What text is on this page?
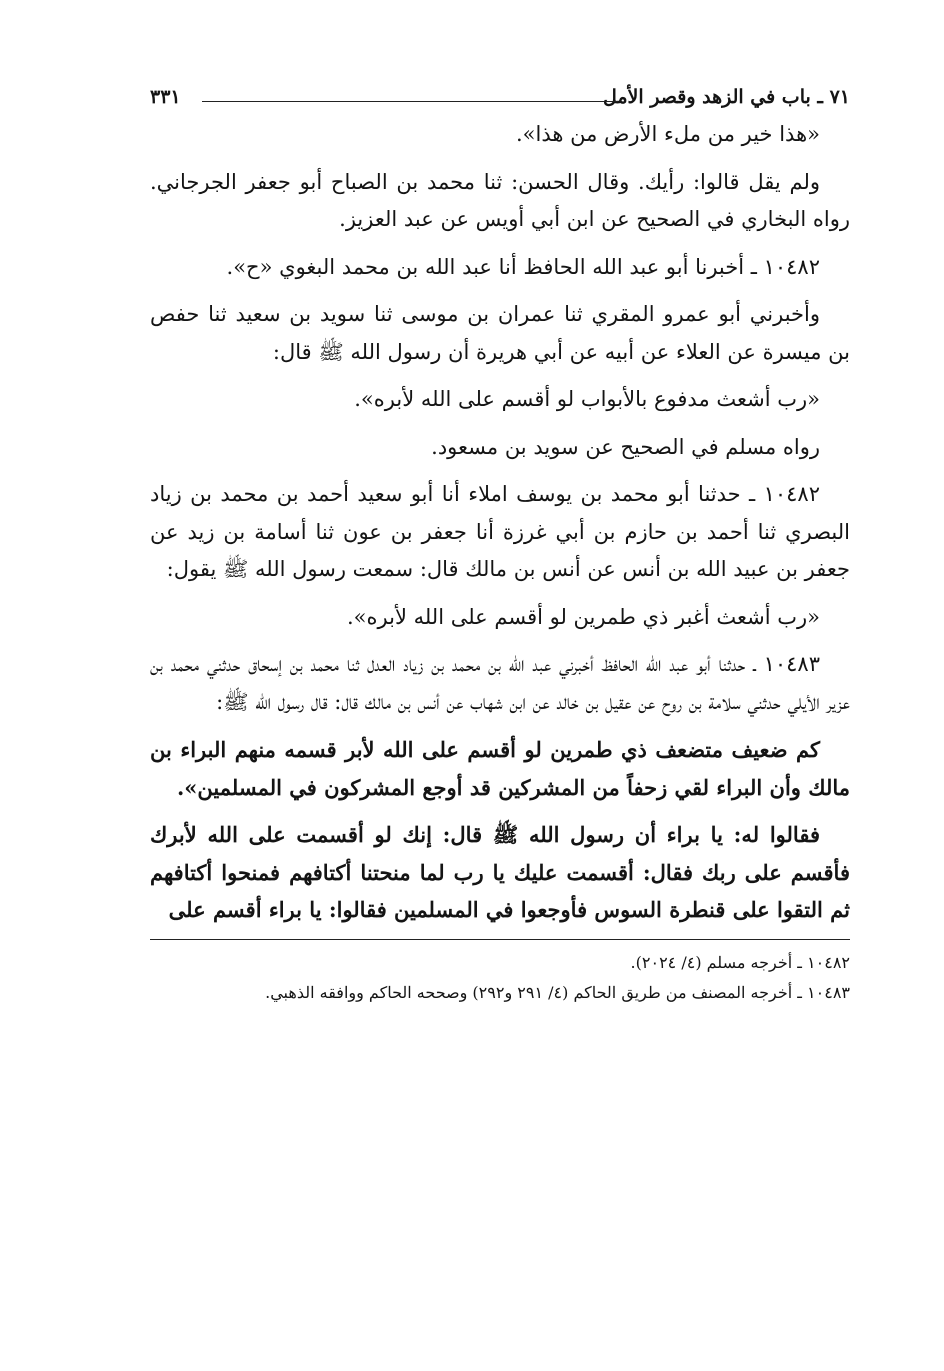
٧١ ـ باب في الزهد وقصر الأمل
٣٣١

«هذا خير من ملء الأرض من هذا».

ولم يقل قالوا: رأيك. وقال الحسن: ثنا محمد بن الصباح أبو جعفر الجرجاني. رواه البخاري في الصحيح عن ابن أبي أويس عن عبد العزيز.

١٠٤٨٢ ـ أخبرنا أبو عبد الله الحافظ أنا عبد الله بن محمد البغوي «ح».

وأخبرني أبو عمرو المقري ثنا عمران بن موسى ثنا سويد بن سعيد ثنا حفص بن ميسرة عن العلاء عن أبيه عن أبي هريرة أن رسول الله ﷺ قال:

«رب أشعث مدفوع بالأبواب لو أقسم على الله لأبره».

رواه مسلم في الصحيح عن سويد بن مسعود.

١٠٤٨٢ ـ حدثنا أبو محمد بن يوسف املاء أنا أبو سعيد أحمد بن محمد بن زياد البصري ثنا أحمد بن حازم بن أبي غرزة أنا جعفر بن عون ثنا أسامة بن زيد عن جعفر بن عبيد الله بن أنس عن أنس بن مالك قال: سمعت رسول الله ﷺ يقول:

«رب أشعث أغبر ذي طمرين لو أقسم على الله لأبره».

١٠٤٨٣ ـ حدثنا أبو عبد الله الحافظ أخبرني عبد الله بن محمد بن زياد العدل ثنا محمد بن إسحاق حدثني محمد بن عزير الأيلي حدثني سلامة بن روح عن عقيل بن خالد عن ابن شهاب عن أنس بن مالك قال: قال رسول الله ﷺ:

كم ضعيف متضعف ذي طمرين لو أقسم على الله لأبر قسمه منهم البراء بن مالك وأن البراء لقي زحفاً من المشركين قد أوجع المشركون في المسلمين».

فقالوا له: يا براء أن رسول الله ﷺ قال: إنك لو أقسمت على الله لأبرك فأقسم على ربك فقال: أقسمت عليك يا رب لما منحتنا أكتافهم فمنحوا أكتافهم ثم التقوا على قنطرة السوس فأوجعوا في المسلمين فقالوا: يا براء أقسم على

١٠٤٨٢ ـ أخرجه مسلم (٤/ ٢٠٢٤).

١٠٤٨٣ ـ أخرجه المصنف من طريق الحاكم (٤/ ٢٩١ و٢٩٢) وصححه الحاكم ووافقه الذهبي.
